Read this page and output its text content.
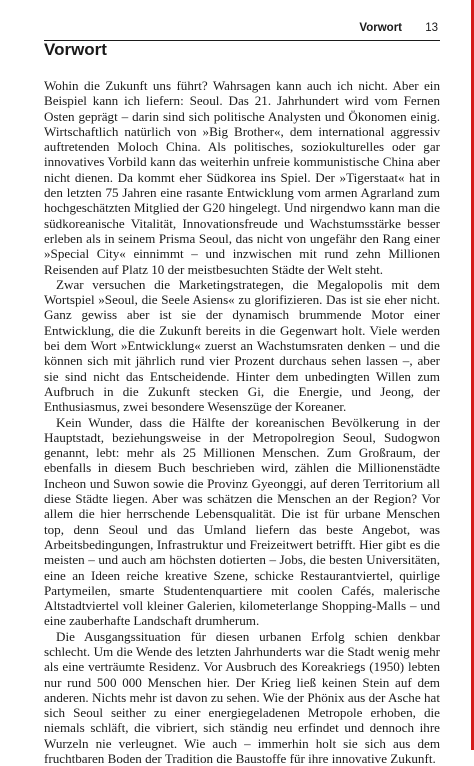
Vorwort 13
Vorwort

Wohin die Zukunft uns führt? Wahrsagen kann auch ich nicht. Aber ein Beispiel kann ich liefern: Seoul. Das 21. Jahrhundert wird vom Fernen Osten geprägt – darin sind sich politische Analysten und Ökonomen einig. Wirtschaftlich natürlich von »Big Brother«, dem international aggressiv auftretenden Moloch China. Als politisches, soziokulturelles oder gar innovatives Vorbild kann das weiterhin unfreie kommunistische China aber nicht dienen. Da kommt eher Südkorea ins Spiel. Der »Tigerstaat« hat in den letzten 75 Jahren eine rasante Entwicklung vom armen Agrarland zum hochgeschätzten Mitglied der G20 hingelegt. Und nirgendwo kann man die südkoreanische Vitalität, Innovationsfreude und Wachstumsstärke besser erleben als in seinem Prisma Seoul, das nicht von ungefähr den Rang einer »Special City« einnimmt – und inzwischen mit rund zehn Millionen Reisenden auf Platz 10 der meistbesuchten Städte der Welt steht.

Zwar versuchen die Marketingstrategen, die Megalopolis mit dem Wortspiel »Seoul, die Seele Asiens« zu glorifizieren. Das ist sie eher nicht. Ganz gewiss aber ist sie der dynamisch brummende Motor einer Entwicklung, die die Zukunft bereits in die Gegenwart holt. Viele werden bei dem Wort »Entwicklung« zuerst an Wachstumsraten denken – und die können sich mit jährlich rund vier Prozent durchaus sehen lassen –, aber sie sind nicht das Entscheidende. Hinter dem unbedingten Willen zum Aufbruch in die Zukunft stecken Gi, die Energie, und Jeong, der Enthusiasmus, zwei besondere Wesenszüge der Koreaner.

Kein Wunder, dass die Hälfte der koreanischen Bevölkerung in der Hauptstadt, beziehungsweise in der Metropolregion Seoul, Sudogwon genannt, lebt: mehr als 25 Millionen Menschen. Zum Großraum, der ebenfalls in diesem Buch beschrieben wird, zählen die Millionenstädte Incheon und Suwon sowie die Provinz Gyeonggi, auf deren Territorium all diese Städte liegen. Aber was schätzen die Menschen an der Region? Vor allem die hier herrschende Lebensqualität. Die ist für urbane Menschen top, denn Seoul und das Umland liefern das beste Angebot, was Arbeitsbedingungen, Infrastruktur und Freizeitwert betrifft. Hier gibt es die meisten – und auch am höchsten dotierten – Jobs, die besten Universitäten, eine an Ideen reiche kreative Szene, schicke Restaurantviertel, quirlige Partymeilen, smarte Studentenquartiere mit coolen Cafés, malerische Altstadtviertel voll kleiner Galerien, kilometerlange Shopping-Malls – und eine zauberhafte Landschaft drumherum.

Die Ausgangssituation für diesen urbanen Erfolg schien denkbar schlecht. Um die Wende des letzten Jahrhunderts war die Stadt wenig mehr als eine verträumte Residenz. Vor Ausbruch des Koreakriegs (1950) lebten nur rund 500 000 Menschen hier. Der Krieg ließ keinen Stein auf dem anderen. Nichts mehr ist davon zu sehen. Wie der Phönix aus der Asche hat sich Seoul seither zu einer energiegeladenen Metropole erhoben, die niemals schläft, die vibriert, sich ständig neu erfindet und dennoch ihre Wurzeln nie verleugnet. Wie auch – immerhin holt sie sich aus dem fruchtbaren Boden der Tradition die Baustoffe für ihre innovative Zukunft.
